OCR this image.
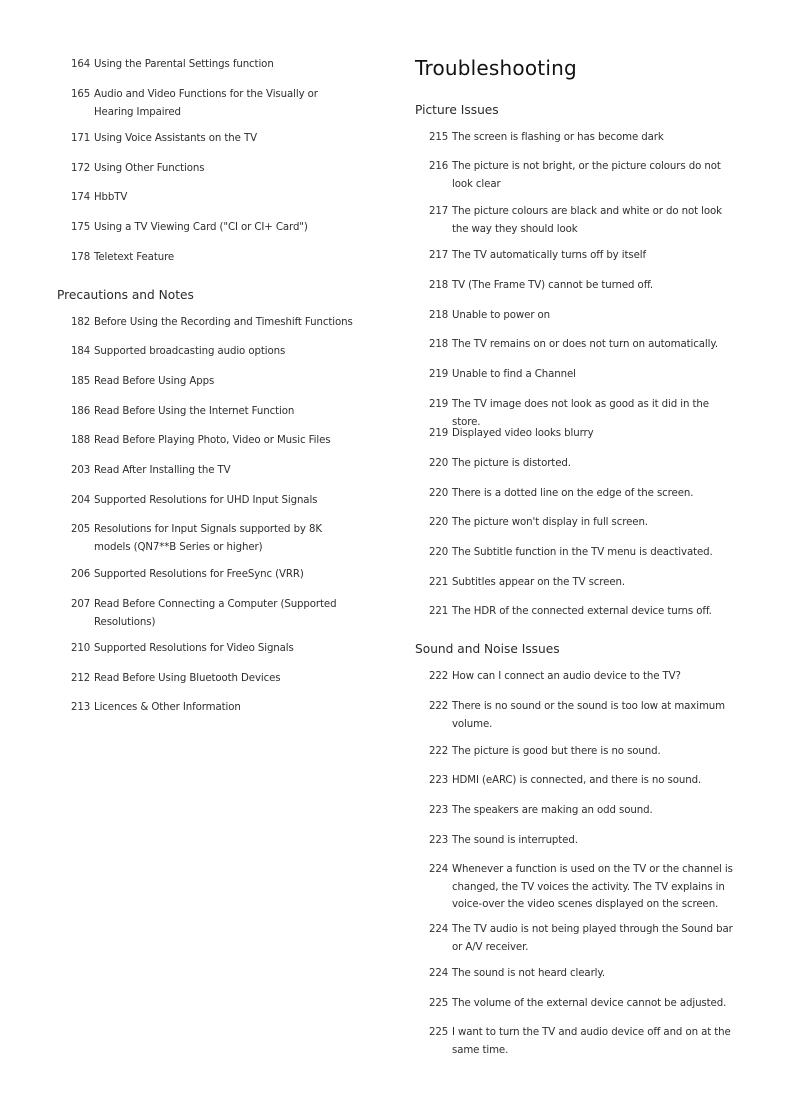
164 Using the Parental Settings function
165 Audio and Video Functions for the Visually or Hearing Impaired
171 Using Voice Assistants on the TV
172 Using Other Functions
174 HbbTV
175 Using a TV Viewing Card ("CI or CI+ Card")
178 Teletext Feature
Precautions and Notes
182 Before Using the Recording and Timeshift Functions
184 Supported broadcasting audio options
185 Read Before Using Apps
186 Read Before Using the Internet Function
188 Read Before Playing Photo, Video or Music Files
203 Read After Installing the TV
204 Supported Resolutions for UHD Input Signals
205 Resolutions for Input Signals supported by 8K models (QN7**B Series or higher)
206 Supported Resolutions for FreeSync (VRR)
207 Read Before Connecting a Computer (Supported Resolutions)
210 Supported Resolutions for Video Signals
212 Read Before Using Bluetooth Devices
213 Licences & Other Information
Troubleshooting
Picture Issues
215 The screen is flashing or has become dark
216 The picture is not bright, or the picture colours do not look clear
217 The picture colours are black and white or do not look the way they should look
217 The TV automatically turns off by itself
218 TV (The Frame TV) cannot be turned off.
218 Unable to power on
218 The TV remains on or does not turn on automatically.
219 Unable to find a Channel
219 The TV image does not look as good as it did in the store.
219 Displayed video looks blurry
220 The picture is distorted.
220 There is a dotted line on the edge of the screen.
220 The picture won't display in full screen.
220 The Subtitle function in the TV menu is deactivated.
221 Subtitles appear on the TV screen.
221 The HDR of the connected external device turns off.
Sound and Noise Issues
222 How can I connect an audio device to the TV?
222 There is no sound or the sound is too low at maximum volume.
222 The picture is good but there is no sound.
223 HDMI (eARC) is connected, and there is no sound.
223 The speakers are making an odd sound.
223 The sound is interrupted.
224 Whenever a function is used on the TV or the channel is changed, the TV voices the activity. The TV explains in voice-over the video scenes displayed on the screen.
224 The TV audio is not being played through the Sound bar or A/V receiver.
224 The sound is not heard clearly.
225 The volume of the external device cannot be adjusted.
225 I want to turn the TV and audio device off and on at the same time.
